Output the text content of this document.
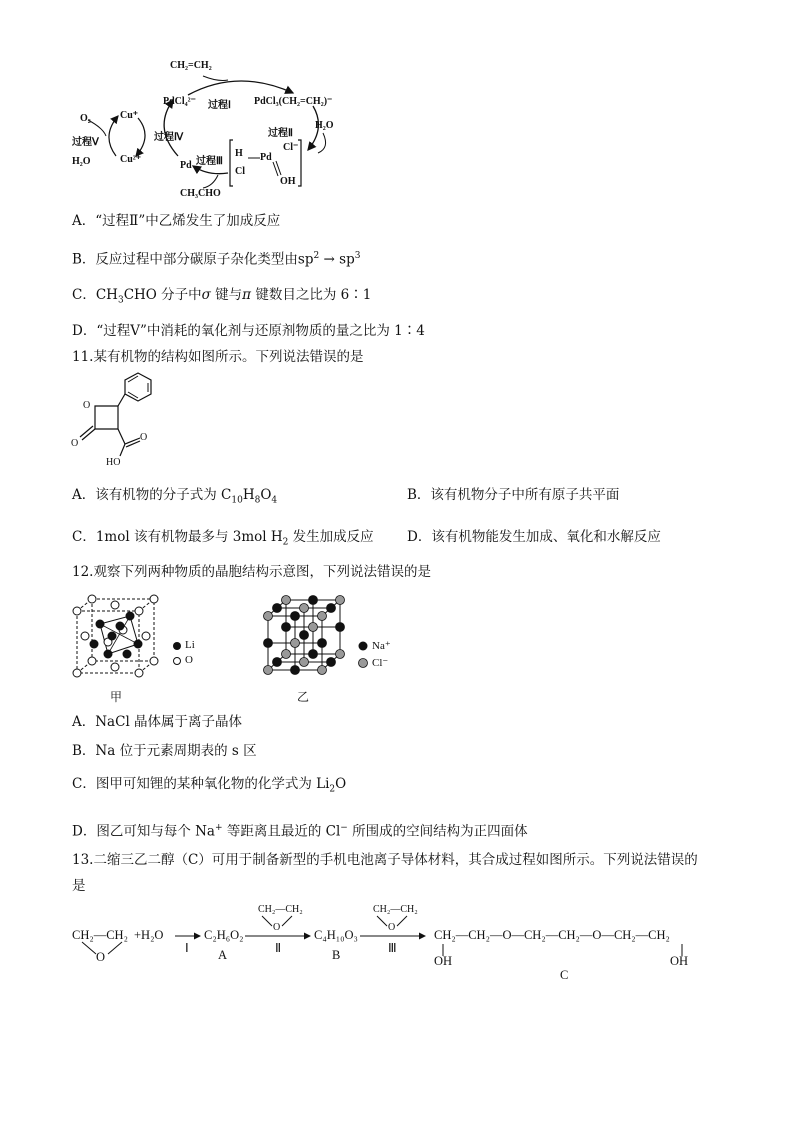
CH₂=CH₂
PdCl₄²⁻ 过程Ⅰ PdCl₃(CH₂=CH₂)⁻
过程Ⅱ
H₂O
过程Ⅲ
Pd
CH₃CHO
Cu⁺
Cu²⁺
过程Ⅳ
O₂
过程Ⅴ
H₂O
H
Cl
Pd
Cl⁻
OH
A．“过程Ⅱ”中乙烯发生了加成反应
B．反应过程中部分碳原子杂化类型由$sp^2 \to sp^3$
C．$CH_3CHO$ 分子中σ 键与π 键数目之比为 6∶1
D．“过程Ⅴ”中消耗的氧化剂与还原剂物质的量之比为 1∶4
11.某有机物的结构如图所示。下列说法错误的是
O
O
O
HO
A．该有机物的分子式为 $C_{10}H_8O_4$	B．该有机物分子中所有原子共平面
C．1mol 该有机物最多与 3mol $H_2$ 发生加成反应 D．该有机物能发生加成、氧化和水解反应
12.观察下列两种物质的晶胞结构示意图，下列说法错误的是
Li
O
甲
Na⁺
Cl⁻
乙
A．NaCl 晶体属于离子晶体
B．Na 位于元素周期表的 s 区
C．图甲可知锂的某种氧化物的化学式为 $Li_2O$
D．图乙可知与每个 Na+ 等距离且最近的 Cl− 所围成的空间结构为正四面体
13.二缩三乙二醇（C）可用于制备新型的手机电池离子导体材料，其合成过程如图所示。下列说法错误的
是
CH₂—CH₂
O
+H₂O
Ⅰ
C₂H₆O₂
A
CH₂—CH₂
O
Ⅱ
C₄H₁₀O₃
B
CH₂—CH₂
O
Ⅲ
CH₂—CH₂—O—CH₂—CH₂—O—CH₂—CH₂
OH	OH
C
